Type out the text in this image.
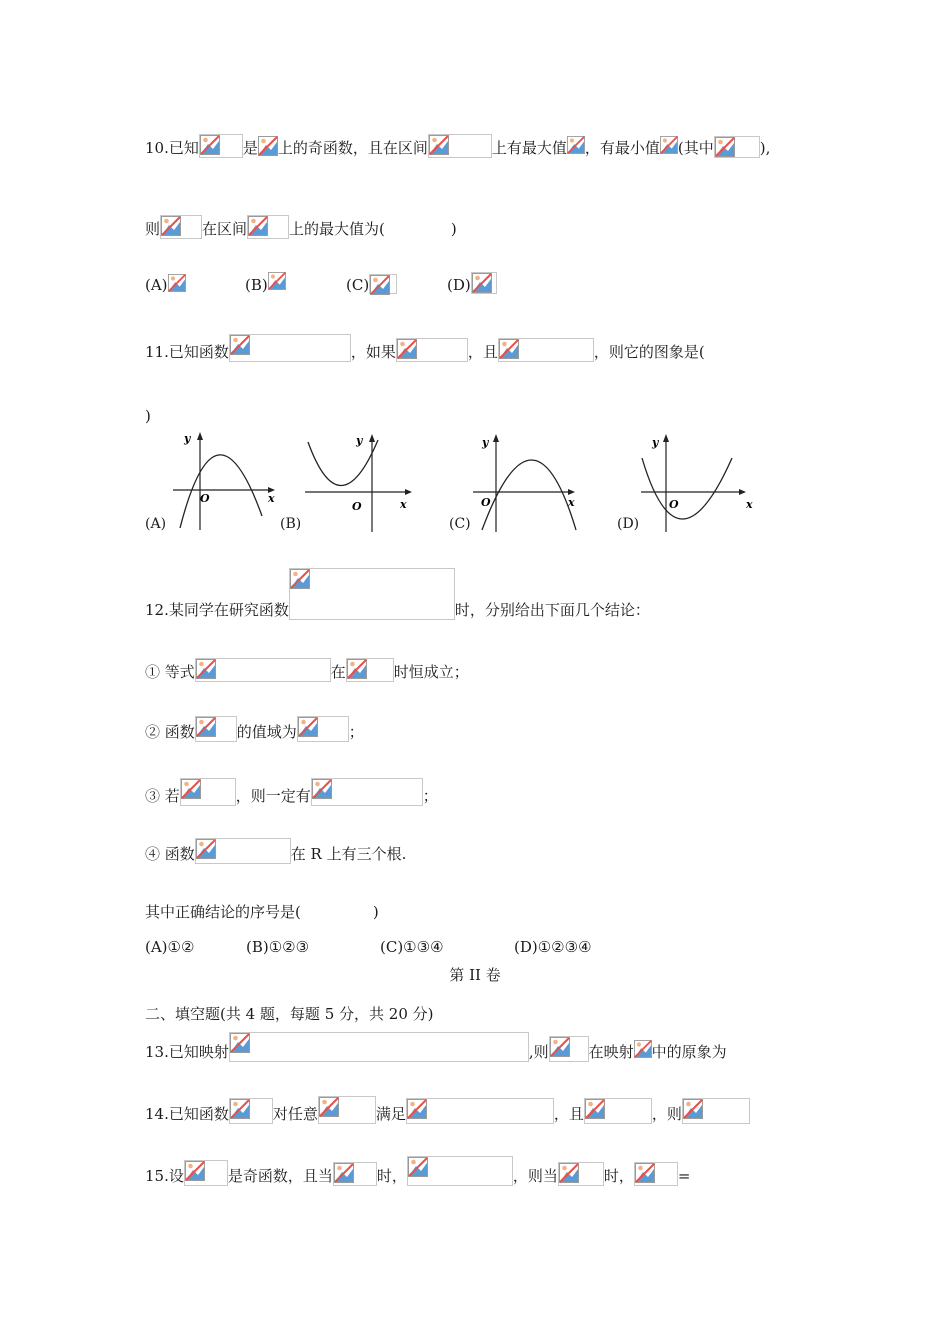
10.已知	是 上的奇函数，且在区间	上有最大值 ，有最小值 (其中	),
则	在区间	上的最大值为(	)
(A)	(B)	(C)	(D)
11.已知函数	，如果	，且	，则它的图象是(
)
y
O	x
(A)
y
O	x
(B)
y
O	x
(C)
y
O	x
(D)
12.某同学在研究函数	时，分别给出下面几个结论：
① 等式	在	时恒成立；
② 函数	的值域为	；
③ 若	，则一定有	；
④ 函数	在 R 上有三个根.
其中正确结论的序号是(	)
(A)①②	(B)①②③	(C)①③④	(D)①②③④
第 II 卷
二、填空题(共 4 题，每题 5 分，共 20 分)
13.已知映射	,则	在映射 中的原象为
14.已知函数	对任意	满足	，且	，则
15.设	是奇函数，且当	时，	，则当	时，	=
